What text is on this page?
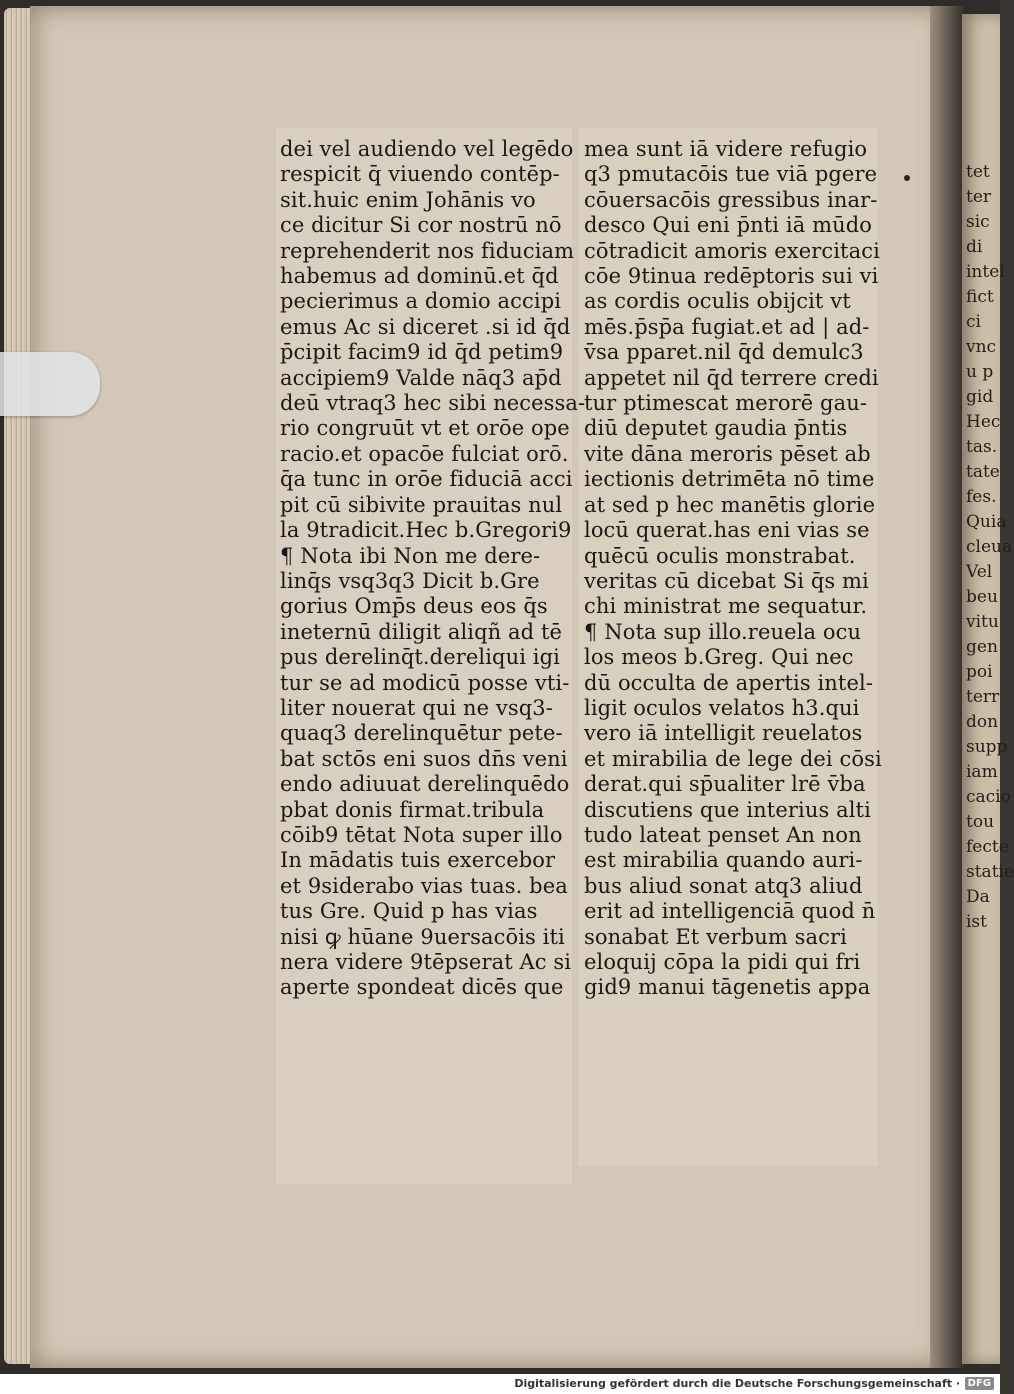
dei vel audiendo vel legēdo
respicit q̄ viuendo contēp-
sit.huic enim Johānis vo
ce dicitur Si cor nostrū nō
reprehenderit nos fiduciam
habemus ad dominū.et q̄d
pecierimus a domio accipi
emus Ac si diceret .si id q̄d
p̄cipit facim9 id q̄d petim9
accipiem9 Valde nāq3 ap̄d
deū vtraq3 hec sibi necessa-
rio congruūt vt et orōe ope
racio.et opacōe fulciat orō.
q̄a tunc in orōe fiduciā acci
pit cū sibivite prauitas nul
la 9tradicit.Hec b.Gregori9
¶ Nota ibi Non me dere-
linq̄s vsq3q3 Dicit b.Gre
gorius Omp̄s deus eos q̄s
ineternū diligit aliqñ ad tē
pus derelinq̄t.dereliqui igi
tur se ad modicū posse vti-
liter nouerat qui ne vsq3-
quaq3 derelinquētur pete-
bat sctōs eni suos dn̄s veni
endo adiuuat derelinquēdo
pbat donis firmat.tribula
cōib9 tētat Nota super illo
In mādatis tuis exercebor
et 9siderabo vias tuas. bea
tus Gre. Quid p has vias
nisi ꝙ hūane 9uersacōis iti
nera videre 9tēpserat Ac si
aperte spondeat dicēs que
mea sunt iā videre refugio
q3 pmutacōis tue viā pgere
cōuersacōis gressibus inar-
desco Qui eni p̄nti iā mūdo
cōtradicit amoris exercitaci
cōe 9tinua redēptoris sui vi
as cordis oculis obijcit vt
mēs.p̄sp̄a fugiat.et ad | ad-
v̄sa pparet.nil q̄d demulc3
appetet nil q̄d terrere credi
tur ptimescat merorē gau-
diū deputet gaudia p̄ntis
vite dāna meroris pēset ab
iectionis detrimēta nō time
at sed p hec manētis glorie
locū querat.has eni vias se
quēcū oculis monstrabat.
veritas cū dicebat Si q̄s mi
chi ministrat me sequatur.
¶ Nota sup illo.reuela ocu
los meos b.Greg. Qui nec
dū occulta de apertis intel-
ligit oculos velatos h3.qui
vero iā intelligit reuelatos
et mirabilia de lege dei cōsi
derat.qui sp̄ualiter lrē v̄ba
discutiens que interius alti
tudo lateat penset An non
est mirabilia quando auri-
bus aliud sonat atq3 aliud
erit ad intelligenciā quod n̄
sonabat Et verbum sacri
eloquij cōpa la pidi qui fri
gid9 manui tāgenetis appa
tet
ter
sic
di
intel
fict
ci
vnc
u p
gid
Hec
tas.
tate
fes.
Quia
cleua
Vel
beu
vitu
gen
poi
terr
don
supp
iam
cacio
tou
fecte
statie
Da
ist
Digitalisierung gefördert durch die Deutsche Forschungsgemeinschaft · DFG
